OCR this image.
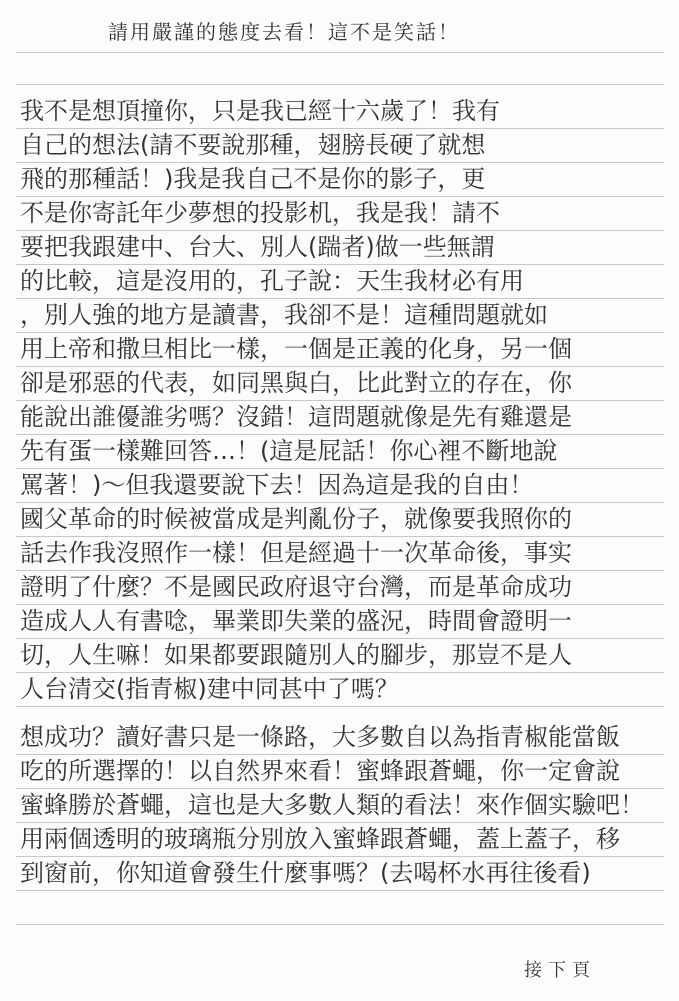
請用嚴謹的態度去看！這不是笑話！
我不是想頂撞你，只是我已經十六歲了！我有
自己的想法(請不要說那種，翅膀長硬了就想
飛的那種話！)我是我自己不是你的影子，更
不是你寄託年少夢想的投影机，我是我！請不
要把我跟建中、台大、別人(踹者)做一些無謂
的比較，這是沒用的，孔子說：天生我材必有用
，別人強的地方是讀書，我卻不是！這種問題就如
用上帝和撒旦相比一樣，一個是正義的化身，另一個
卻是邪惡的代表，如同黑與白，比此對立的存在，你
能說出誰優誰劣嗎？沒錯！這問題就像是先有雞還是
先有蛋一樣難回答…！(這是屁話！你心裡不斷地說
罵著！)～但我還要說下去！因為這是我的自由！
國父革命的时候被當成是判亂份子，就像要我照你的
話去作我沒照作一樣！但是經過十一次革命後，事实
證明了什麼？不是國民政府退守台灣，而是革命成功
造成人人有書唸，畢業即失業的盛況，時間會證明一
切，人生嘛！如果都要跟隨別人的腳步，那豈不是人
人台清交(指青椒)建中同甚中了嗎？
想成功？讀好書只是一條路，大多數自以為指青椒能當飯
吃的所選擇的！以自然界來看！蜜蜂跟蒼蠅，你一定會說
蜜蜂勝於蒼蠅，這也是大多數人類的看法！來作個实驗吧！
用兩個透明的玻璃瓶分別放入蜜蜂跟蒼蠅，蓋上蓋子，移
到窗前，你知道會發生什麼事嗎？(去喝杯水再往後看)
接下頁
